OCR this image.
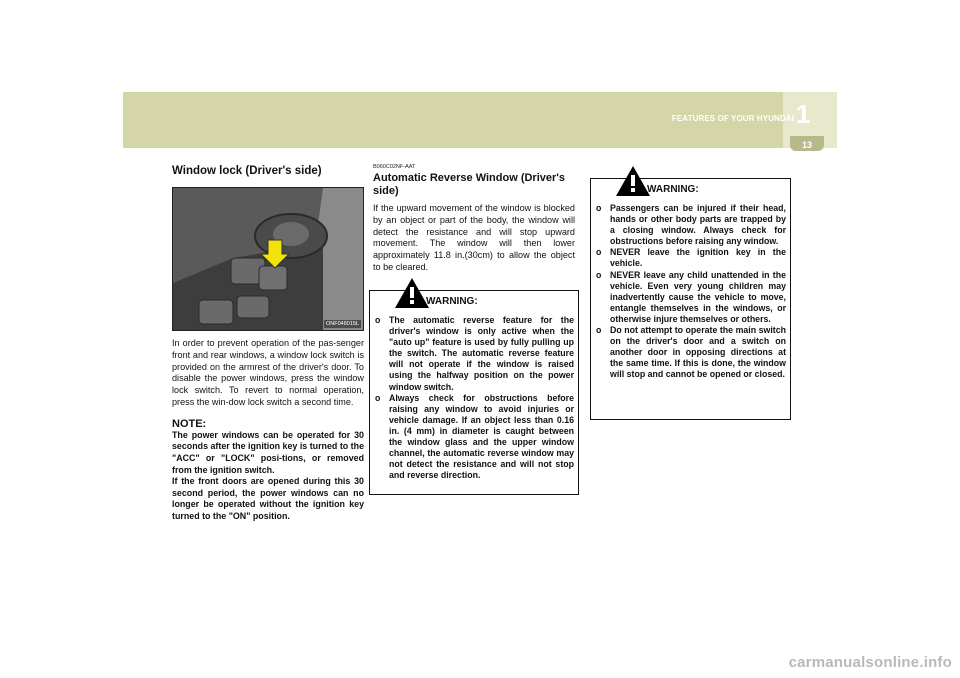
FEATURES OF YOUR HYUNDAI 1
13
Window lock (Driver's side)
ONF048015L

In order to prevent operation of the pas-senger front and rear windows, a window lock switch is provided on the armrest of the driver's door. To disable the power windows, press the window lock switch. To revert to normal operation, press the win-dow lock switch a second time.

NOTE:

The power windows can be operated for 30 seconds after the ignition key is turned to the "ACC" or "LOCK" posi-tions, or removed from the ignition switch.

If the front doors are opened during this 30 second period, the power windows can no longer be operated without the ignition key turned to the "ON" position.

B060C02NF-AAT
Automatic Reverse Window (Driver's side)

If the upward movement of the window is blocked by an object or part of the body, the window will detect the resistance and will stop upward movement. The window will then lower approximately 11.8 in.(30cm) to allow the object to be cleared.

WARNING:
o The automatic reverse feature for the driver's window is only active when the "auto up" feature is used by fully pulling up the switch. The automatic reverse feature will not operate if the window is raised using the halfway position on the power window switch.
o Always check for obstructions before raising any window to avoid injuries or vehicle damage. If an object less than 0.16 in. (4 mm) in diameter is caught between the window glass and the upper window channel, the automatic reverse window may not detect the resistance and will not stop and reverse direction.
WARNING:
o Passengers can be injured if their head, hands or other body parts are trapped by a closing window. Always check for obstructions before raising any window.
o NEVER leave the ignition key in the vehicle.
o NEVER leave any child unattended in the vehicle. Even very young children may inadvertently cause the vehicle to move, entangle themselves in the windows, or otherwise injure themselves or others.
o Do not attempt to operate the main switch on the driver's door and a switch on another door in opposing directions at the same time. If this is done, the window will stop and cannot be opened or closed.
carmanualsonline.info
